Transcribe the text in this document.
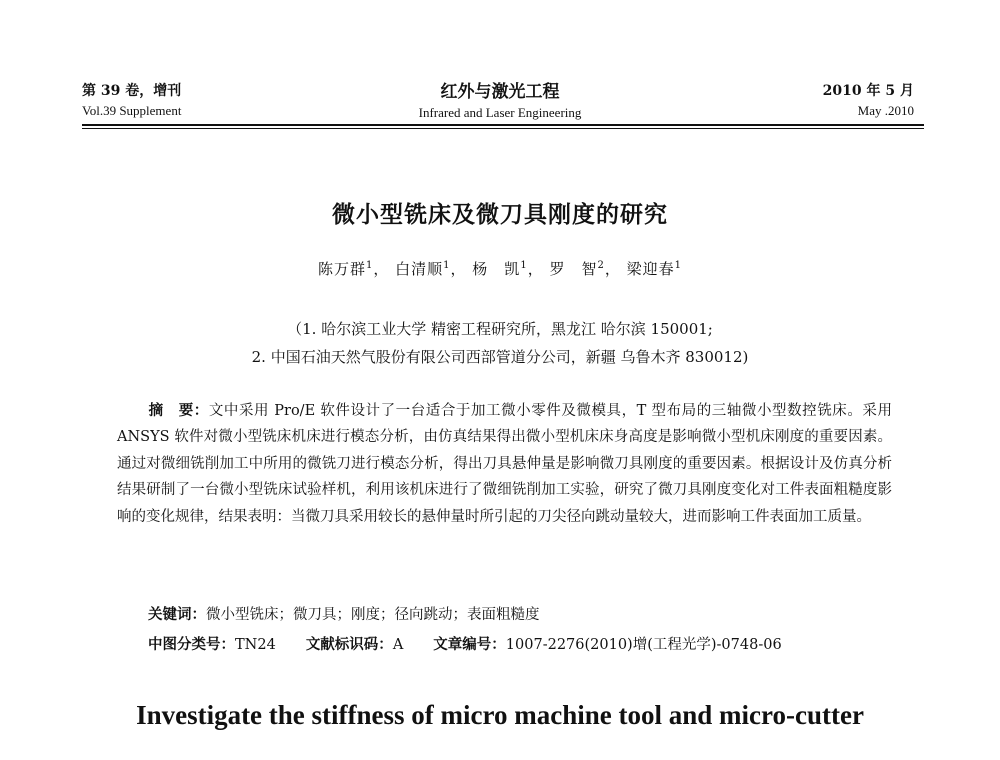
第 39 卷，增刊
Vol.39 Supplement
红外与激光工程
Infrared and Laser Engineering
2010 年 5 月
May .2010
微小型铣床及微刀具刚度的研究
陈万群$^1$， 白清顺$^1$， 杨　凯$^1$， 罗　智$^2$， 梁迎春$^1$
（1. 哈尔滨工业大学 精密工程研究所，黑龙江 哈尔滨 150001;
2. 中国石油天然气股份有限公司西部管道分公司，新疆 乌鲁木齐 830012)
摘　要：文中采用 Pro/E 软件设计了一台适合于加工微小零件及微模具，T 型布局的三轴微小型数控铣床。采用 ANSYS 软件对微小型铣床机床进行模态分析，由仿真结果得出微小型机床床身高度是影响微小型机床刚度的重要因素。通过对微细铣削加工中所用的微铣刀进行模态分析，得出刀具悬伸量是影响微刀具刚度的重要因素。根据设计及仿真分析结果研制了一台微小型铣床试验样机，利用该机床进行了微细铣削加工实验，研究了微刀具刚度变化对工件表面粗糙度影响的变化规律，结果表明：当微刀具采用较长的悬伸量时所引起的刀尖径向跳动量较大，进而影响工件表面加工质量。
关键词：微小型铣床；微刀具；刚度；径向跳动；表面粗糙度
中图分类号：TN24 文献标识码：A 文章编号：1007-2276(2010)增(工程光学)-0748-06
Investigate the stiffness of micro machine tool and micro-cutter
